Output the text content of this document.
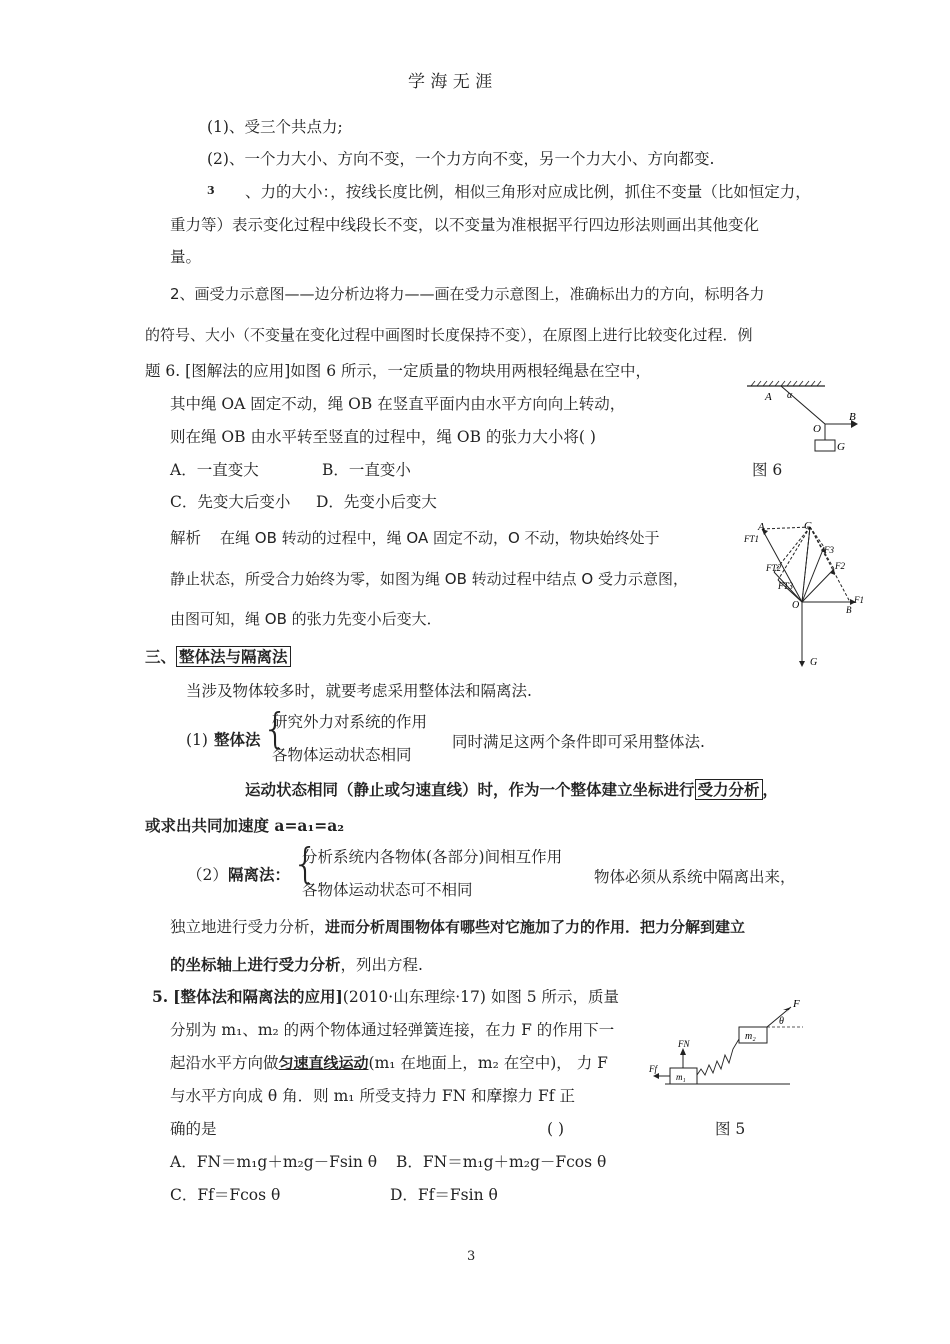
学 海 无 涯
(1)、受三个共点力;
(2)、一个力大小、方向不变，一个力方向不变，另一个力大小、方向都变.
3 、力的大小：，按线长度比例，相似三角形对应成比例，抓住不变量（比如恒定力，
重力等）表示变化过程中线段长不变，以不变量为准根据平行四边形法则画出其他变化
量。
2、画受力示意图——边分析边将力——画在受力示意图上，准确标出力的方向，标明各力
的符号、大小（不变量在变化过程中画图时长度保持不变），在原图上进行比较变化过程．例
题 6. [图解法的应用]如图 6 所示，一定质量的物块用两根轻绳悬在空中，
其中绳 OA 固定不动，绳 OB 在竖直平面内由水平方向向上转动，
则在绳 OB 由水平转至竖直的过程中，绳 OB 的张力大小将( )
A．一直变大	B．一直变小
C．先变大后变小 D．先变小后变大
图 6
A α
O
B
G
解析 在绳 OB 转动的过程中，绳 OA 固定不动，O 不动，物块始终处于
静止状态，所受合力始终为零，如图为绳 OB 转动过程中结点 O 受力示意图，
由图可知，绳 OB 的张力先变小后变大．
A	C
FT1
FT2
FT3
F3
F2
F1
O	B
G
三、 整体法与隔离法
当涉及物体较多时，就要考虑采用整体法和隔离法.
(1) 整体法 {
研究外力对系统的作用
各物体运动状态相同
同时满足这两个条件即可采用整体法.
运动状态相同（静止或匀速直线）时，作为一个整体建立坐标进行 受力分析 ，
或求出共同加速度 a=a₁=a₂
（2） 隔离法： {
分析系统内各物体(各部分)间相互作用
各物体运动状态可不相同
物体必须从系统中隔离出来，
独立地进行受力分析，进而分析周围物体有哪些对它施加了力的作用．把力分解到建立
的坐标轴上进行受力分析，列出方程.
5. [整体法和隔离法的应用](2010·山东理综·17) 如图 5 所示，质量
分别为 m₁、m₂ 的两个物体通过轻弹簧连接，在力 F 的作用下一
起沿水平方向做匀速直线运动(m₁ 在地面上，m₂ 在空中)， 力 F
与水平方向成 θ 角．则 m₁ 所受支持力 FN 和摩擦力 Ff 正
确的是	( )	图 5
A．FN＝m₁g＋m₂g－Fsin θ B．FN＝m₁g＋m₂g－Fcos θ
C．Ff＝Fcos θ	D．Ff＝Fsin θ
F
θ
m₂
FN
Ff
m₁
3
